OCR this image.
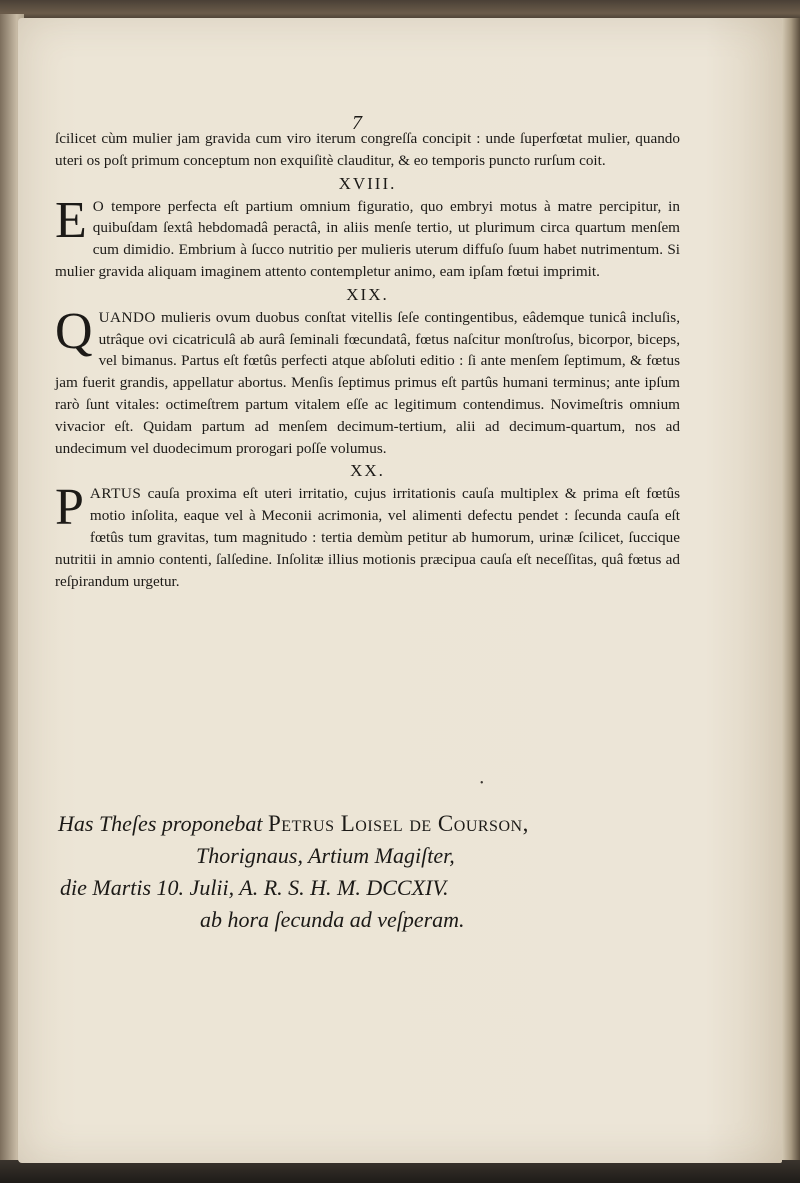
7

ſcilicet cùm mulier jam gravida cum viro iterum congreſſa concipit : unde ſuperfœtat mulier, quando uteri os poſt primum conceptum non exquiſitè clauditur, & eo temporis punctο rurſum coit.

XVIII.

E O tempore perfecta eſt partium omnium figuratio, quo embryi motus à matre percipitur, in quibuſdam ſextâ hebdomadâ peractâ, in aliis menſe tertio, ut plurimum circa quartum menſem cum dimidio. Embrium à ſucco nutritio per mulieris uterum diffuſo ſuum habet nutrimentum. Si mulier gravida aliquam imaginem attento contempletur animo, eam ipſam fœtui imprimit.

XIX.

QUANDO mulieris ovum duobus conſtat vitellis ſeſe contingentibus, eâdemque tunicâ incluſis, utrâque ovi cicatriculâ ab aurâ ſeminali fœcundatâ, fœtus naſcitur monſtroſus, bicorpor, biceps, vel bimanus. Partus eſt fœtûs perfecti atque abſoluti editio : ſi ante menſem ſeptimum, & fœtus jam fuerit grandis, appellatur abortus. Menſis ſeptimus primus eſt partûs humani terminus; ante ipſum rarò ſunt vitales: octimeſtrem partum vitalem eſſe ac legitimum contendimus. Novimeſtris omnium vivacior eſt. Quidam partum ad menſem decimum-tertium, alii ad decimum-quartum, nos ad undecimum vel duodecimum prorogari poſſe volumus.

XX.

PARTUS cauſa proxima eſt uteri irritatio, cujus irritationis cauſa multiplex & prima eſt fœtûs motio inſolita, eaque vel à Meconii acrimonia, vel alimenti defectu pendet : ſecunda cauſa eſt fœtûs tum gravitas, tum magnitudo : tertia demùm petitur ab humorum, urinæ ſcilicet, ſuccique nutritii in amnio contenti, ſalſedine. Inſolitæ illius motionis præcipua cauſa eſt neceſſitas, quâ fœtus ad reſpirandum urgetur.

•

Has Theſes proponebat Petrus Loisel de Courson,

Thorignaus, Artium Magiſter,

die Martis 10. Julii, A. R. S. H. M. DCCXIV.

ab hora ſecunda ad veſperam.
